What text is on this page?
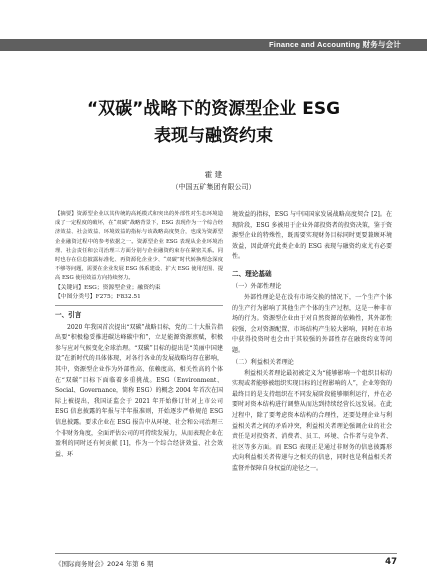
Finance and Accounting 财务与会计
“双碳”战略下的资源型企业 ESG
表现与融资约束
霍 建
（中国五矿集团有限公司）

【摘要】资源型企业以其传统的高耗模式和突出的外部性对生态环境造成了一定程度的破坏，在“双碳”战略背景下，ESG 表现作为一个综合经济效益、社会效益、环境效益的指标与该战略高度契合，也成为资源型企业融资过程中的参考依据之一。资源型企业 ESG 表现从企业环境治理、社会责任和公司治理三方面分别与企业融资约束存在紧密关系。同时也存在信息披露标准化、再资源化企业少、“双碳”时代转换理念深度不够等问题，需要在企业发展 ESG 体系建设、扩大 ESG 使用范围、提高 ESG 使用效益方向持续努力。

【关键词】ESG；资源型企业；融资约束

【中图分类号】F275；F832.51

一、引言

2020 年我国首次提出“双碳”战略目标，党的二十大报告指出要“积极稳妥推进碳达峰碳中和”，立足能源资源禀赋，积极参与应对气候变化全球治理。“双碳”目标的提出是“美丽中国建设”在新时代的具体体现，对各行各业的发展战略均存在影响，其中，资源型企业作为外部性高、依赖度高、相关性高的个体在“双碳”目标下面临着多重挑战。ESG（Environment、Social、Governance，简称 ESG）的概念 2004 年首次在国际上被提出，我国证监会于 2021 年开始修订针对上市公司 ESG 信息披露的年报与半年报准则，开始逐步严格规范 ESG 信息披露。要求企业在 ESG 报告中从环境、社会和公司治理三个非财务角度，全面评估公司的可持续发展力，从而表现企业在盈利的同时还有何贡献 [1]，作为一个综合经济效益、社会效益、环

境效益的指标，ESG 与中国国家发展战略高度契合 [2]。在现阶段，ESG 多被用于企业外部投资者的投资决策，鉴于资源型企业的特殊性，既需要实现财务目标同时更要兼顾环境效益，因此研究此类企业的 ESG 表现与融资约束尤有必要性。

二、理论基础
（一）外部性理论

外部性理论是在没有市场交换的情况下，一个生产个体的生产行为影响了其他生产个体的生产过程，这是一种非市场的行为。资源型企业由于对自然资源的依赖性，其外部性较强，会对资源配置、市场结构产生较大影响，同时在市场中获得投资时也会由于其较强的外部性存在融资约束等问题。

（二）利益相关者理论

利益相关者理论最初被定义为“能够影响一个组织目标的实现或者能够被组织实现目标的过程影响的人”，企业筹资的最终目的是支持组织在不同发展阶段能够顺利运行，并在必要时对资本结构进行调整从而达到持续经营长远发展。在此过程中，除了要考虑资本结构的合理性，还要处理企业与利益相关者之间的矛盾冲突，利益相关者理论强调企业的社会责任是对投资者、消费者、员工、环境、合作者与竞争者、社区等多方面。而 ESG 表现正是通过非财务的信息披露形式向利益相关者传递与之相关的信息，同时也是利益相关者监督并保障自身权益的途径之一。

《国际商务财会》2024 年第 6 期	47
